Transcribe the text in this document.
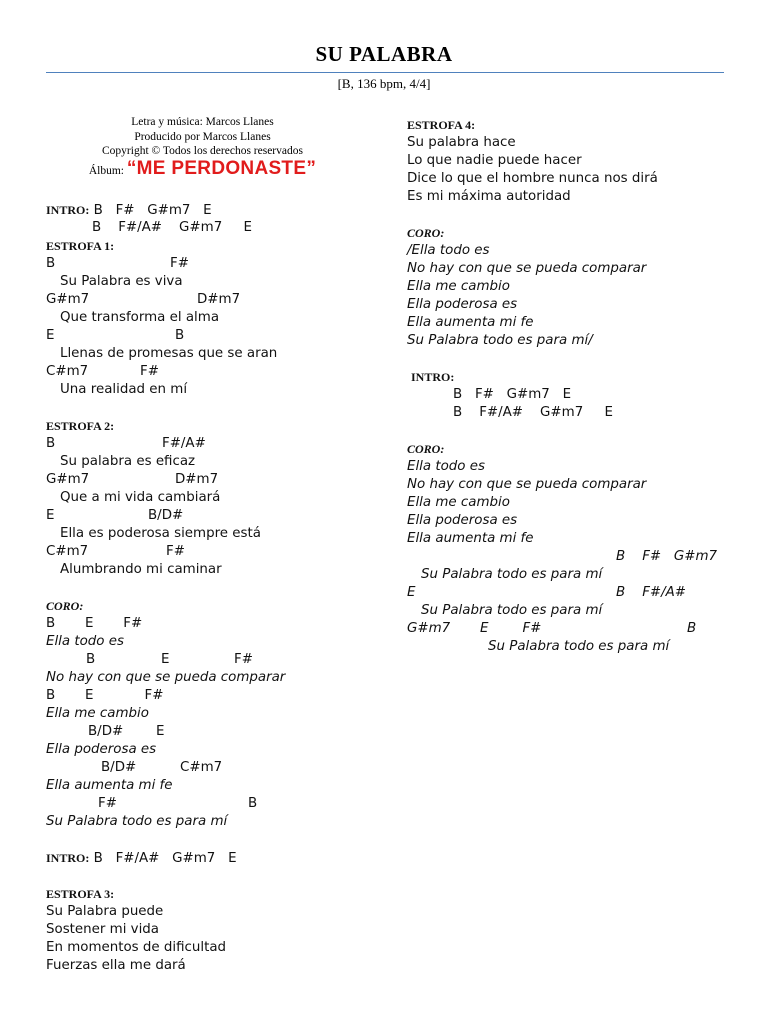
SU PALABRA
[B, 136 bpm, 4/4]
Letra y música: Marcos Llanes
Producido por Marcos Llanes
Copyright © Todos los derechos reservados
Álbum: “ME PERDONASTE”
INTRO: B   F#   G#m7   E
B    F#/A#    G#m7     E
ESTROFA 1:
B	F#
Su Palabra es viva
G#m7	D#m7
Que transforma el alma
E	B
Llenas de promesas que se aran
C#m7	F#
Una realidad en mí
ESTROFA 2:
B	F#/A#
Su palabra es eficaz
G#m7	D#m7
Que a mi vida cambiará
E	B/D#
Ella es poderosa siempre está
C#m7	F#
Alumbrando mi caminar
CORO:
B       E       F#
Ella todo es
B	E	F#
No hay con que se pueda comparar
B       E            F#
Ella me cambio
B/D# E
Ella poderosa es
B/D#	C#m7
Ella aumenta mi fe
F#	B
Su Palabra todo es para mí
INTRO: B   F#/A#   G#m7   E
ESTROFA 3:
Su Palabra puede
Sostener mi vida
En momentos de dificultad
Fuerzas ella me dará
ESTROFA 4:
Su palabra hace
Lo que nadie puede hacer
Dice lo que el hombre nunca nos dirá
Es mi máxima autoridad
CORO:
/Ella todo es
No hay con que se pueda comparar
Ella me cambio
Ella poderosa es
Ella aumenta mi fe
Su Palabra todo es para mí/
INTRO:
B   F#   G#m7   E
B    F#/A#    G#m7     E
CORO:
Ella todo es
No hay con que se pueda comparar
Ella me cambio
Ella poderosa es
Ella aumenta mi fe
B    F#   G#m7
Su Palabra todo es para mí
E	B    F#/A#
Su Palabra todo es para mí
G#m7       E        F#	B
Su Palabra todo es para mí
